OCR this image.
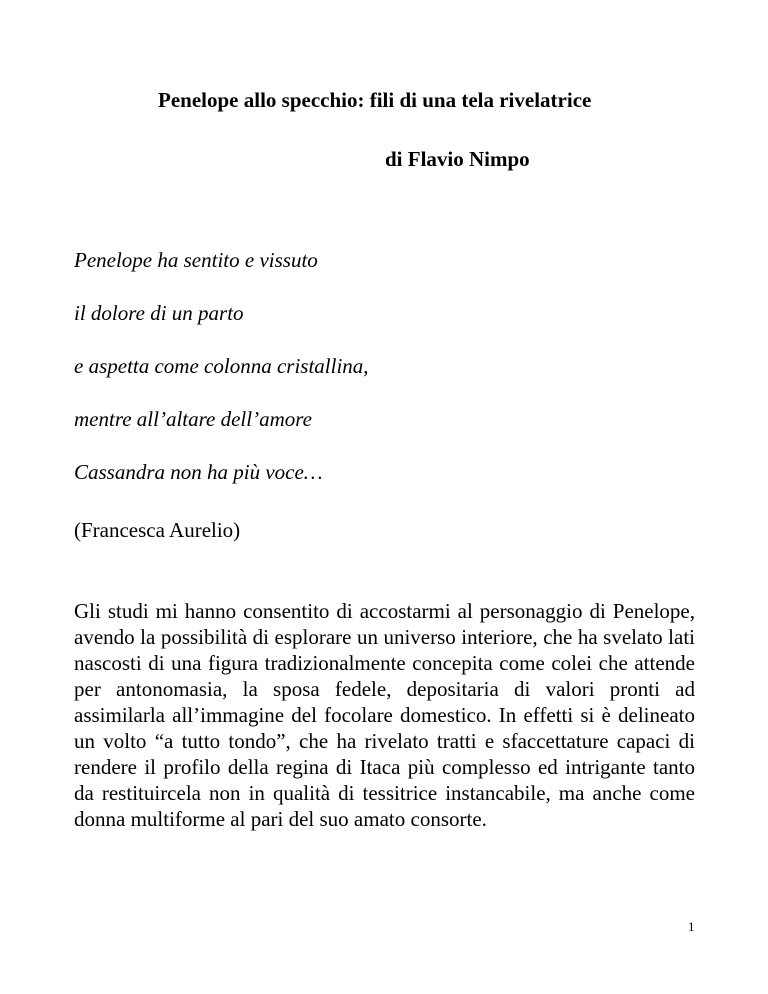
Penelope allo specchio: fili di una tela rivelatrice
di Flavio Nimpo
Penelope ha sentito e vissuto
il dolore di un parto
e aspetta come colonna cristallina,
mentre all’altare dell’amore
Cassandra non ha più voce…
(Francesca Aurelio)

Gli studi mi hanno consentito di accostarmi al personaggio di Penelope, avendo la possibilità di esplorare un universo interiore, che ha svelato lati nascosti di una figura tradizionalmente concepita come colei che attende per antonomasia, la sposa fedele, depositaria di valori pronti ad assimilarla all’immagine del focolare domestico. In effetti si è delineato un volto “a tutto tondo”, che ha rivelato tratti e sfaccettature capaci di rendere il profilo della regina di Itaca più complesso ed intrigante tanto da restituircela non in qualità di tessitrice instancabile, ma anche come donna multiforme al pari del suo amato consorte.

1
